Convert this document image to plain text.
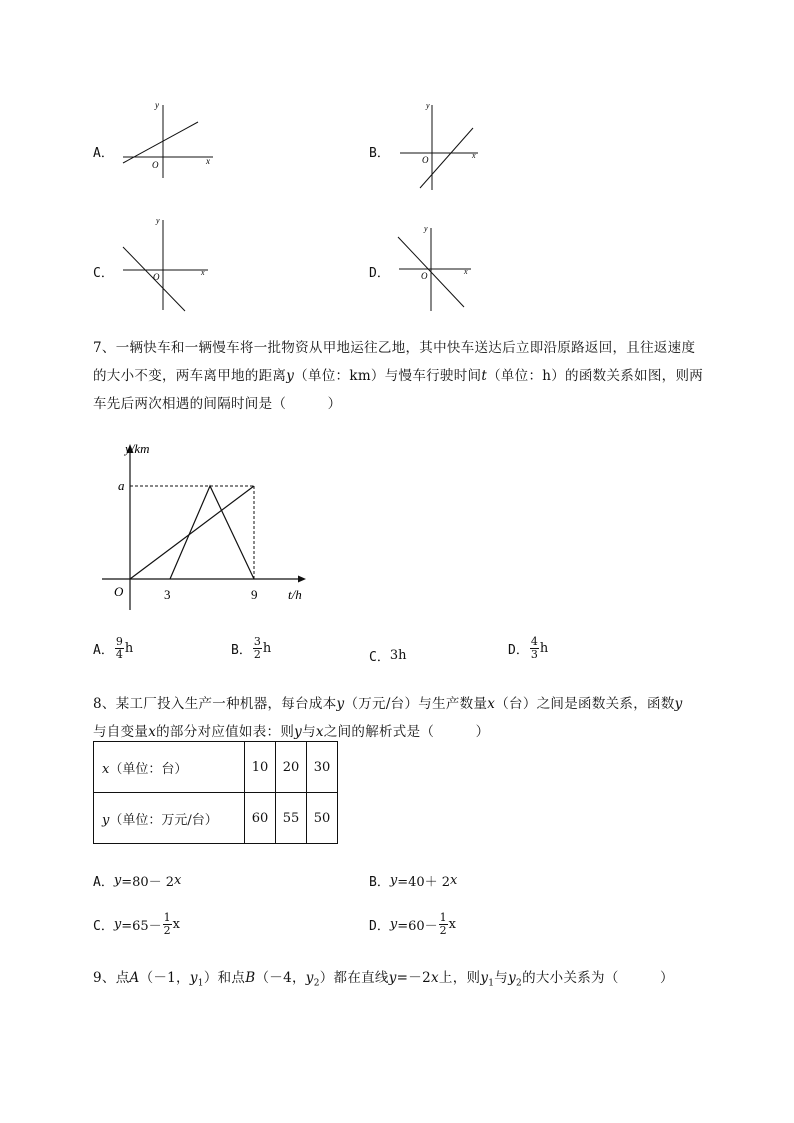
A．	x
y
O
B．	x
y
O
C．	x
y
O	D．	x
y
O
7、一辆快车和一辆慢车将一批物资从甲地运往乙地，其中快车送达后立即沿原路返回，且往返速度
的大小不变，两车离甲地的距离y（单位：km）与慢车行驶时间t（单位：h）的函数关系如图，则两
车先后两次相遇的间隔时间是（　　　）
y/km
a
O	3	9 t/h
A． $\frac{9}{4}$ h	B． $\frac{3}{2}$ h
C． 3h	D． $\frac{4}{3}$ h
8、某工厂投入生产一种机器，每台成本y（万元/台）与生产数量x（台）之间是函数关系，函数y
与自变量x的部分对应值如表：则y与x之间的解析式是（　　　）
x（单位：台）	10	20	30
y（单位：万元/台）	60	55	50
A． y =80－ 2 x	B． y =40＋ 2 x
C． $y =65- \frac{1}{2}$ x	D． $y =60- \frac{1}{2}$ x
9、点A（－1，$y_1$）和点B（－4，$y_2$）都在直线y=－2x上，则$y_1$与$y_2$的大小关系为（　　　）
